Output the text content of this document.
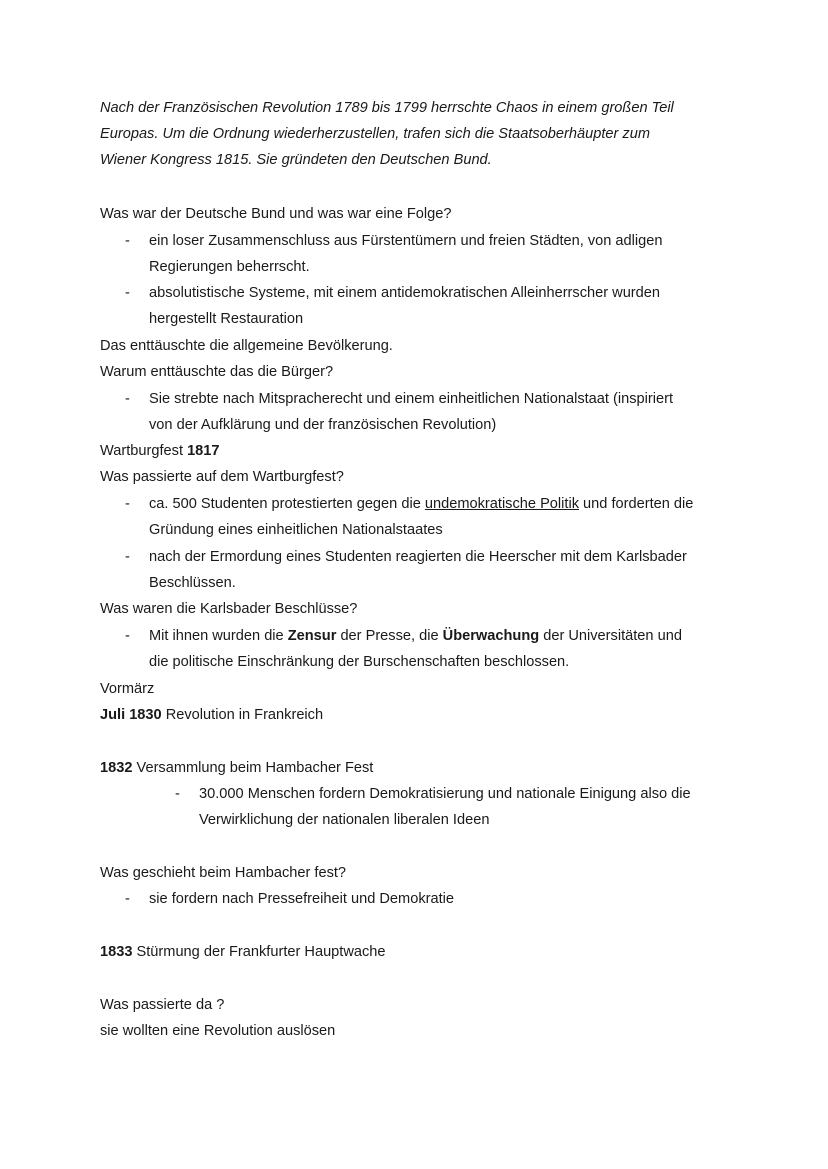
Nach der Französischen Revolution 1789 bis 1799 herrschte Chaos in einem großen Teil
Europas. Um die Ordnung wiederherzustellen, trafen sich die Staatsoberhäupter zum
Wiener Kongress 1815. Sie gründeten den Deutschen Bund.
Was war der Deutsche Bund und was war eine Folge?
- ein loser Zusammenschluss aus Fürstentümern und freien Städten, von adligen
Regierungen beherrscht.
- absolutistische Systeme, mit einem antidemokratischen Alleinherrscher wurden
hergestellt Restauration
Das enttäuschte die allgemeine Bevölkerung.
Warum enttäuschte das die Bürger?
- Sie strebte nach Mitspracherecht und einem einheitlichen Nationalstaat (inspiriert
von der Aufklärung und der französischen Revolution)
Wartburgfest 1817
Was passierte auf dem Wartburgfest?
- ca. 500 Studenten protestierten gegen die undemokratische Politik und forderten die
Gründung eines einheitlichen Nationalstaates
- nach der Ermordung eines Studenten reagierten die Heerscher mit dem Karlsbader
Beschlüssen.
Was waren die Karlsbader Beschlüsse?
- Mit ihnen wurden die Zensur der Presse, die Überwachung der Universitäten und
die politische Einschränkung der Burschenschaften beschlossen.
Vormärz
Juli 1830 Revolution in Frankreich
1832 Versammlung beim Hambacher Fest
- 30.000 Menschen fordern Demokratisierung und nationale Einigung also die
Verwirklichung der nationalen liberalen Ideen
Was geschieht beim Hambacher fest?
- sie fordern nach Pressefreiheit und Demokratie
1833 Stürmung der Frankfurter Hauptwache
Was passierte da ?
sie wollten eine Revolution auslösen
